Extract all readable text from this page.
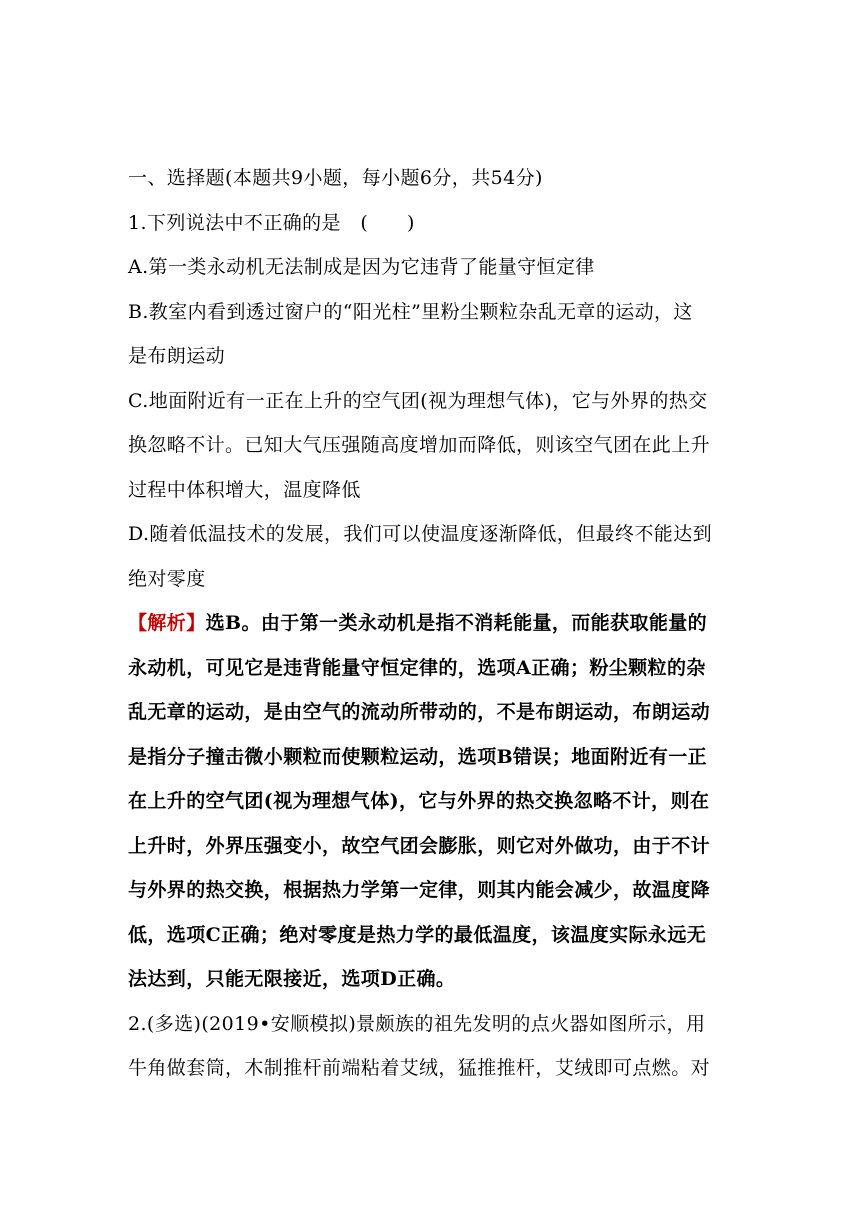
一、选择题(本题共9小题，每小题6分，共54分)

1.下列说法中不正确的是　(　　)

A.第一类永动机无法制成是因为它违背了能量守恒定律

B.教室内看到透过窗户的“阳光柱”里粉尘颗粒杂乱无章的运动，这

是布朗运动

C.地面附近有一正在上升的空气团(视为理想气体)，它与外界的热交

换忽略不计。已知大气压强随高度增加而降低，则该空气团在此上升

过程中体积增大，温度降低

D.随着低温技术的发展，我们可以使温度逐渐降低，但最终不能达到

绝对零度

【解析】选B。由于第一类永动机是指不消耗能量，而能获取能量的

永动机，可见它是违背能量守恒定律的，选项A正确；粉尘颗粒的杂

乱无章的运动，是由空气的流动所带动的，不是布朗运动，布朗运动

是指分子撞击微小颗粒而使颗粒运动，选项B错误；地面附近有一正

在上升的空气团(视为理想气体)，它与外界的热交换忽略不计，则在

上升时，外界压强变小，故空气团会膨胀，则它对外做功，由于不计

与外界的热交换，根据热力学第一定律，则其内能会减少，故温度降

低，选项C正确；绝对零度是热力学的最低温度，该温度实际永远无

法达到，只能无限接近，选项D正确。

2.(多选)(2019•安顺模拟)景颇族的祖先发明的点火器如图所示，用

牛角做套筒，木制推杆前端粘着艾绒，猛推推杆，艾绒即可点燃。对
